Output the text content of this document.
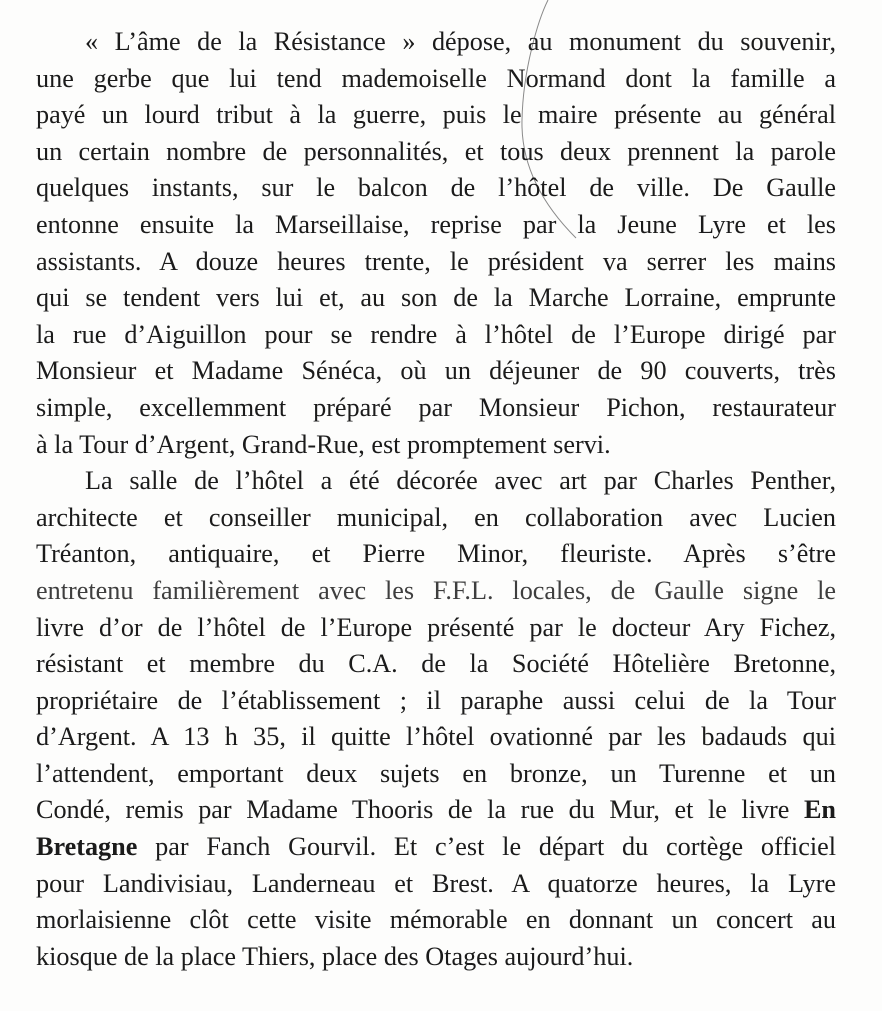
« L’âme de la Résistance » dépose, au monument du souvenir,
une gerbe que lui tend mademoiselle Normand dont la famille a
payé un lourd tribut à la guerre, puis le maire présente au général
un certain nombre de personnalités, et tous deux prennent la parole
quelques instants, sur le balcon de l’hôtel de ville. De Gaulle
entonne ensuite la Marseillaise, reprise par la Jeune Lyre et les
assistants. A douze heures trente, le président va serrer les mains
qui se tendent vers lui et, au son de la Marche Lorraine, emprunte
la rue d’Aiguillon pour se rendre à l’hôtel de l’Europe dirigé par
Monsieur et Madame Sénéca, où un déjeuner de 90 couverts, très
simple, excellemment préparé par Monsieur Pichon, restaurateur
à la Tour d’Argent, Grand-Rue, est promptement servi.
La salle de l’hôtel a été décorée avec art par Charles Penther,
architecte et conseiller municipal, en collaboration avec Lucien
Tréanton, antiquaire, et Pierre Minor, fleuriste. Après s’être
entretenu familièrement avec les F.F.L. locales, de Gaulle signe le
livre d’or de l’hôtel de l’Europe présenté par le docteur Ary Fichez,
résistant et membre du C.A. de la Société Hôtelière Bretonne,
propriétaire de l’établissement ; il paraphe aussi celui de la Tour
d’Argent. A 13 h 35, il quitte l’hôtel ovationné par les badauds qui
l’attendent, emportant deux sujets en bronze, un Turenne et un
Condé, remis par Madame Thooris de la rue du Mur, et le livre En
Bretagne par Fanch Gourvil. Et c’est le départ du cortège officiel
pour Landivisiau, Landerneau et Brest. A quatorze heures, la Lyre
morlaisienne clôt cette visite mémorable en donnant un concert au
kiosque de la place Thiers, place des Otages aujourd’hui.
